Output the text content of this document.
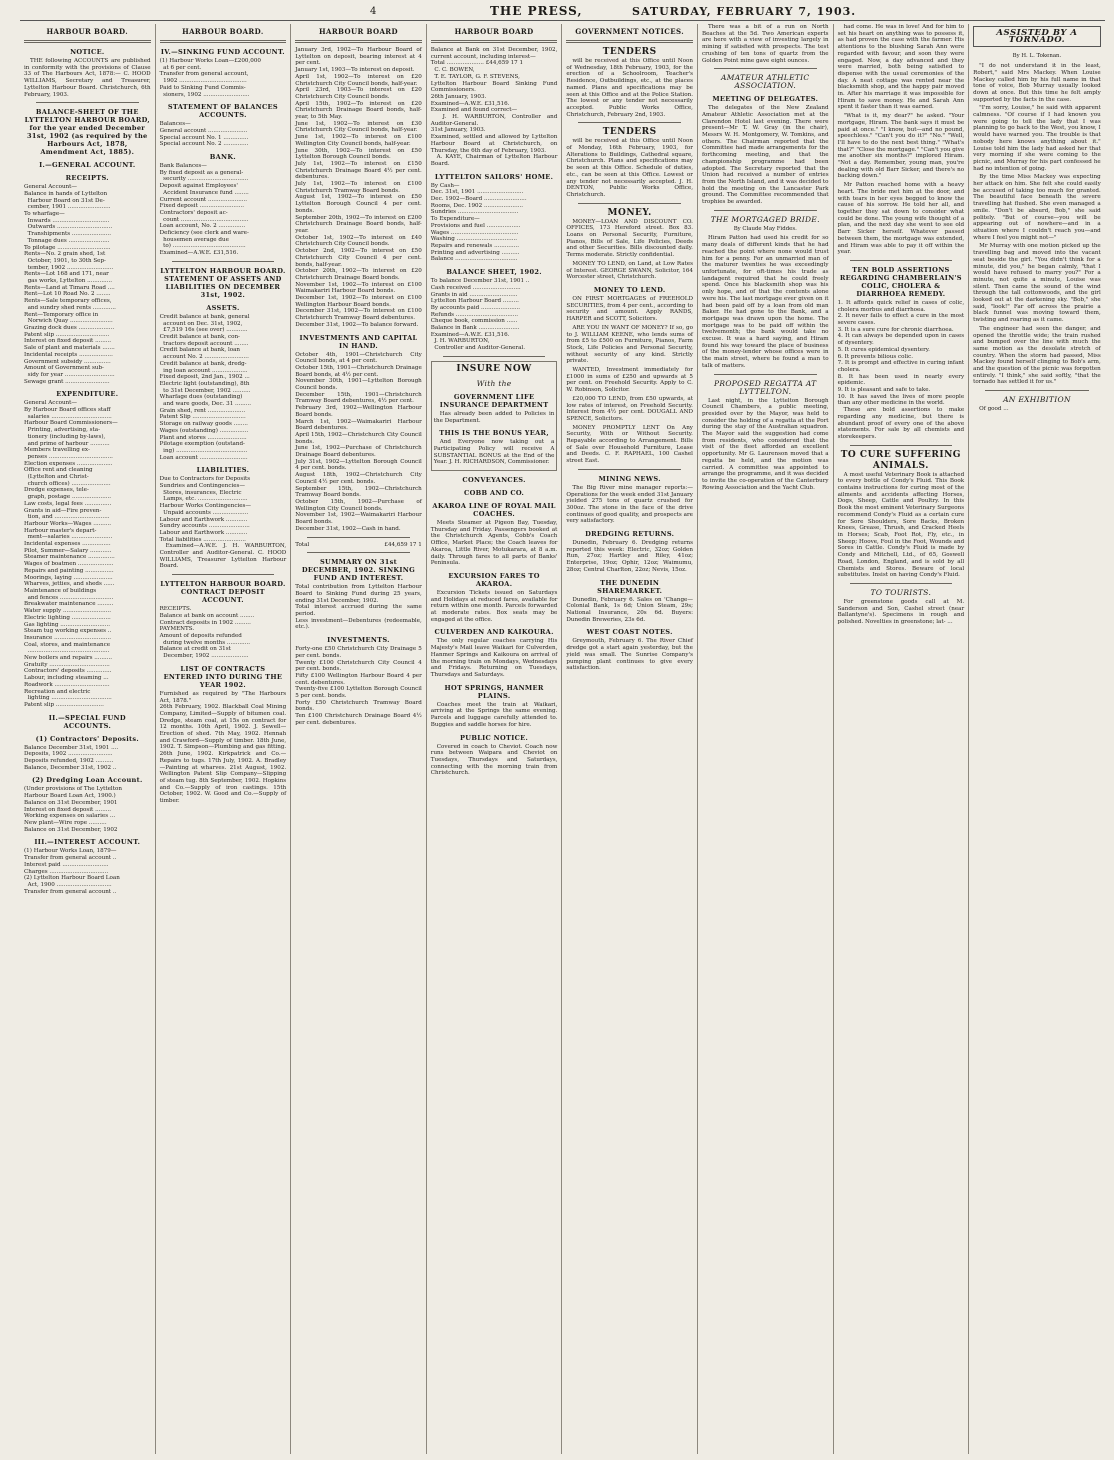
4	THE PRESS,	SATURDAY, FEBRUARY 7, 1903.
HARBOUR BOARD.
NOTICE.

THE following ACCOUNTS are published in conformity with the provisions of Clause 33 of The Harbours Act, 1878:— C. HOOD WILLIAMS, Secretary and Treasurer, Lyttelton Harbour Board. Christchurch, 6th February, 1903.

BALANCE-SHEET OF THE LYTTELTON HARBOUR BOARD, for the year ended December 31st, 1902 (as required by the Harbours Act, 1878, Amendment Act, 1885).
I.—GENERAL ACCOUNT.
RECEIPTS.
General Account—
Balance in hands of Lyttelton
Harbour Board on 31st De-
cember, 1901 ........................
To wharfage—
Inwards ................................
Outwards ...............................
Transhipments ......................
Tonnage dues .......................
To pilotage ..............................
Rents—No. 2 grain shed, 1st
October, 1901, to 30th Sep-
tember, 1902 ..........................
Rents—Lot 168 and 171, near
gas works, Lyttelton ..............
Rents—Land at Timaru Road ....
Rent—Lot 10 Road No. 2 ........
Rents—Sale temporary offices,
and sundry shed rents .............
Rent—Temporary office in
Norwich Quay ........................
Grazing dock dues ....................
Patent slip ..............................
Interest on fixed deposit .........
Sale of plant and materials .......
Incidental receipts ...................
Government subsidy ...............
Amount of Government sub-
sidy for year ............................
Sewage grant .........................
EXPENDITURE.
General Account—
By Harbour Board offices staff
salaries ..................................
Harbour Board Commissioners—
Printing, advertising, sta-
tionery (including by-laws),
and prime of harbour ...........
Members travelling ex-
penses ....................................
Election expenses ....................
Office rent and cleaning
(Lyttelton and Christ-
church offices) ......................
Dredge expenses, tele-
graph, postage ......................
Law costs, legal fees ...............
Grants in aid—Fire preven-
tion, and ...............................
Harbour Works—Wages ..........
Harbour master's depart-
ment—salaries .......................
Incidental expenses ................
Pilot, Summer—Salary ............
Steamer maintenance ...............
Wages of boatmen ....................
Repairs and painting ................
Moorings, laying ......................
Wharves, jetties, and sheds ......
Maintenance of buildings
and fences ..............................
Breakwater maintenance .........
Water supply ...........................
Electric lighting ......................
Gas lighting ............................
Steam tug working expenses ..
Insurance ................................
Coal, stores, and maintenance
..............................................
New boilers and repairs ..........
Gratuity ..................................
Contractors' deposits ..............
Labour, including steaming ...
Roadwork ...............................
Recreation and electric
lighting ..................................
Patent slip ...........................
II.—SPECIAL FUND ACCOUNTS.
(1) Contractors' Deposits.
Balance December 31st, 1901 ....
Deposits, 1902 .........................
Deposits refunded, 1902 ..........
Balance, December 31st, 1902 ..
(2) Dredging Loan Account.
(Under provisions of The Lyttelton
Harbour Board Loan Act, 1900.)
Balance on 31st December, 1901
Interest on fixed deposit .........
Working expenses on salaries ...
New plant—Wire rope ..........
Balance on 31st December, 1902
III.—INTEREST ACCOUNT.
(1) Harbour Works Loan, 1879—
Transfer from general account ..
Interest paid ..........................
Charges .................................
(2) Lyttelton Harbour Board Loan
Act, 1900 ...............................
Transfer from general account ..
HARBOUR BOARD.
IV.—SINKING FUND ACCOUNT.
(1) Harbour Works Loan—£200,000
at 6 per cent.
Transfer from general account,
1902 ......................................
Paid to Sinking Fund Commis-
sioners, 1902 ..........................
STATEMENT OF BALANCES ACCOUNTS.
Balances—
General account ......................
Special account No. 1 ..............
Special account No. 2 ..............
BANK.
Bank Balances—
By fixed deposit as a general-
security ..................................
Deposit against Employees'
Accident Insurance fund ........
Current account ......................
Fixed deposit .........................
Contractors' deposit ac-
count ......................................
Loan account, No. 2 ...............
Deficiency (see clerk and ware-
housemen average due
to) .........................................
Examined—A.W.E. £31,516.
LYTTELTON HARBOUR BOARD. STATEMENT OF ASSETS AND LIABILITIES ON DECEMBER 31st, 1902.
ASSETS.
Credit balance at bank, general
account on Dec. 31st, 1902,
£7,519 16s (see over) ............
Credit balance at bank, con-
tractors deposit account ........
Credit balance at bank, loan
account No. 2 .........................
Credit balance at bank, dredg-
ing loan account ....................
Fixed deposit, 2nd Jan., 1902 ...
Electric light (outstanding), 8th
to 31st December, 1902 ..........
Wharfage dues (outstanding)
and ware goods, Dec. 31 .........
Grain shed, rent .....................
Patent Slip ..............................
Storage on railway goods ........
Wages (outstanding) ................
Plant and stores ......................
Pilotage exemption (outstand-
ing) ........................................
Loan account ...........................
LIABILITIES.
Due to Contractors for Deposits
Sundries and Contingencies—
Stores, insurances, Electric
Lamps, etc. ............................
Harbour Works Contingencies—
Unpaid accounts ....................
Labour and Earthwork ............
Sundry accounts .......................
Labour and Earthwork ............
Total liabilities ........................

Examined—A.W.E. J. H. WARBURTON, Controller and Auditor-General. C. HOOD WILLIAMS, Treasurer Lyttelton Harbour Board.

LYTTELTON HARBOUR BOARD. CONTRACT DEPOSIT ACCOUNT.
RECEIPTS.
Balance at bank on account ........
Contract deposits in 1902 .........
PAYMENTS.
Amount of deposits refunded
during twelve months .............
Balance at credit on 31st
December, 1902 .....................
LIST OF CONTRACTS ENTERED INTO DURING THE YEAR 1902.
Furnished as required by "The Harbours Act, 1878."
26th February, 1902. Blackball Coal Mining Company, Limited—Supply of bitumen coal. Dredge, steam coal, at 15s on contract for 12 months. 10th April, 1902. J. Sewell—Erection of shed. 7th May, 1902. Hennah and Crawford—Supply of timber. 18th June, 1902. T. Simpson—Plumbing and gas fitting. 26th June, 1902. Kirkpatrick and Co.—Repairs to tugs. 17th July, 1902. A. Bradley—Painting at wharves. 21st August, 1902. Wellington Patent Slip Company—Slipping of steam tug. 8th September, 1902. Hopkins and Co.—Supply of iron castings. 15th October, 1902. W. Good and Co.—Supply of timber.
HARBOUR BOARD
January 3rd, 1902—To Harbour Board of Lyttelton on deposit, bearing interest at 4 per cent.
January 1st, 1903—To interest on deposit.
April 1st, 1902—To interest on £20 Christchurch City Council bonds, half-year.
April 23rd, 1903—To interest on £20 Christchurch City Council bonds.
April 15th, 1902—To interest on £20 Christchurch Drainage Board bonds, half-year, to 5th May.
June 1st, 1902—To interest on £30 Christchurch City Council bonds, half-year.
June 1st, 1902—To interest on £100 Wellington City Council bonds, half-year.
June 30th, 1902—To interest on £50 Lyttelton Borough Council bonds.
July 1st, 1902—To interest on £150 Christchurch Drainage Board 4½ per cent. debentures.
July 1st, 1902—To interest on £100 Christchurch Tramway Board bonds.
August 1st, 1902—To interest on £50 Lyttelton Borough Council 4 per cent. bonds.
September 20th, 1902—To interest on £200 Christchurch Drainage Board bonds, half-year.
October 1st, 1902—To interest on £40 Christchurch City Council bonds.
October 2nd, 1902—To interest on £50 Christchurch City Council 4 per cent. bonds, half-year.
October 20th, 1902—To interest on £20 Christchurch Drainage Board bonds.
November 1st, 1902—To interest on £100 Waimakariri Harbour Board bonds.
December 1st, 1902—To interest on £100 Wellington Harbour Board bonds.
December 31st, 1902—To interest on £100 Christchurch Tramway Board debentures.
December 31st, 1902—To balance forward.
INVESTMENTS AND CAPITAL IN HAND.
October 4th, 1901—Christchurch City Council bonds, at 4 per cent.
October 15th, 1901—Christchurch Drainage Board bonds, at 4½ per cent.
November 30th, 1901—Lyttelton Borough Council bonds.
December 15th, 1901—Christchurch Tramway Board debentures, 4½ per cent.
February 3rd, 1902—Wellington Harbour Board bonds.
March 1st, 1902—Waimakariri Harbour Board debentures.
April 15th, 1902—Christchurch City Council bonds.
June 1st, 1902—Purchase of Christchurch Drainage Board debentures.
July 31st, 1902—Lyttelton Borough Council 4 per cent. bonds.
August 18th, 1902—Christchurch City Council 4½ per cent. bonds.
September 15th, 1902—Christchurch Tramway Board bonds.
October 15th, 1902—Purchase of Wellington City Council bonds.
November 1st, 1902—Waimakariri Harbour Board bonds.
December 31st, 1902—Cash in hand.
Total	£44,659 17 1
SUMMARY ON 31st DECEMBER, 1902. SINKING FUND AND INTEREST.
Total contribution from Lyttelton Harbour Board to Sinking Fund during 25 years, ending 31st December, 1902.
Total interest accrued during the same period.
Less investment—Debentures (redeemable, etc.).
INVESTMENTS.
Forty-one £50 Christchurch City Drainage 5 per cent. bonds.
Twenty £100 Christchurch City Council 4 per cent. bonds.
Fifty £100 Wellington Harbour Board 4 per cent. debentures.
Twenty-five £100 Lyttelton Borough Council 5 per cent. bonds.
Forty £50 Christchurch Tramway Board bonds.
Ten £100 Christchurch Drainage Board 4½ per cent. debentures.
HARBOUR BOARD
Balance at Bank on 31st December, 1902, current account, including interest—
Total ..................... £44,659 17 1
C. C. BOWEN,
T. E. TAYLOR, G. F. STEVENS,
Lyttelton Harbour Board Sinking Fund Commissioners.
26th January, 1903.
Examined—A.W.E. £31,516.
Examined and found correct—
J. H. WARBURTON, Controller and Auditor-General.
31st January, 1903.
Examined, settled and allowed by Lyttelton Harbour Board at Christchurch, on Thursday, the 6th day of February, 1903.
A. KAYE, Chairman of Lyttelton Harbour Board.
LYTTELTON SAILORS' HOME.
By Cash—
Dec. 31st, 1901 ..........................
Dec. 1902—Board ........................
Rooms, Dec. 1902 ......................
Sundries ..................................
To Expenditure—
Provisions and fuel ...................
Wages ......................................
Washing ..................................
Repairs and renewals ..............
Printing and advertising ..........
Balance ...................................
BALANCE SHEET, 1902.
To balance December 31st, 1901 ..
Cash received ...........................
Grants in aid ...........................
Lyttelton Harbour Board .........
By accounts paid ......................
Refunds ...................................
Cheque book, commission ......
Balance in Bank .......................
Examined—A.W.E. £31,516.
J. H. WARBURTON,
Controller and Auditor-General.
INSURE NOW
With the
GOVERNMENT LIFE INSURANCE DEPARTMENT

Has already been added to Policies in the Department.

THIS IS THE BONUS YEAR,

And Everyone now taking out a Participating Policy will receive A SUBSTANTIAL BONUS at the End of the Year. J. H. RICHARDSON, Commissioner.

CONVEYANCES.
COBB AND CO.
AKAROA LINE OF ROYAL MAIL COACHES.

Meets Steamer at Pigeon Bay, Tuesday, Thursday and Friday. Passengers booked at the Christchurch Agents, Cobb's Coach Office, Market Place; the Coach leaves for Akaroa, Little River, Motukarara, at 8 a.m. daily. Through fares to all parts of Banks' Peninsula.

EXCURSION FARES TO AKAROA.

Excursion Tickets issued on Saturdays and Holidays at reduced fares, available for return within one month. Parcels forwarded at moderate rates. Box seats may be engaged at the office.

CULVERDEN AND KAIKOURA.

The only regular coaches carrying His Majesty's Mail leave Waikari for Culverden, Hanmer Springs and Kaikoura on arrival of the morning train on Mondays, Wednesdays and Fridays. Returning on Tuesdays, Thursdays and Saturdays.

HOT SPRINGS, HANMER PLAINS.

Coaches meet the train at Waikari, arriving at the Springs the same evening. Parcels and luggage carefully attended to. Buggies and saddle horses for hire.

PUBLIC NOTICE.

Covered in coach to Cheviot. Coach now runs between Waipara and Cheviot on Tuesdays, Thursdays and Saturdays, connecting with the morning train from Christchurch.

GOVERNMENT NOTICES.
TENDERS

will be received at this Office until Noon of Wednesday, 18th February, 1903, for the erection of a Schoolroom, Teacher's Residence, Outbuildings, etc., at the places named. Plans and specifications may be seen at this Office and at the Police Station. The lowest or any tender not necessarily accepted. Public Works Office, Christchurch, February 2nd, 1903.

TENDERS

will be received at this Office until Noon of Monday, 16th February, 1903, for Alterations to Buildings, Cathedral square, Christchurch. Plans and specifications may be seen at this Office. Schedule of duties, etc., can be seen at this Office. Lowest or any tender not necessarily accepted. J. H. DENTON, Public Works Office, Christchurch.

MONEY.

MONEY—LOAN AND DISCOUNT CO. OFFICES, 173 Hereford street. Box 83. Loans on Personal Security, Furniture, Pianos, Bills of Sale, Life Policies, Deeds and other Securities. Bills discounted daily. Terms moderate. Strictly confidential.

MONEY TO LEND, on Land, at Low Rates of Interest. GEORGE SWANN, Solicitor, 164 Worcester street, Christchurch.

MONEY TO LEND.

ON FIRST MORTGAGES of FREEHOLD SECURITIES, from 4 per cent., according to security and amount. Apply RANDS, HARPER and SCOTT, Solicitors.

ARE YOU IN WANT OF MONEY? If so, go to J. WILLIAM KEENE, who lends sums of from £5 to £500 on Furniture, Pianos, Farm Stock, Life Policies and Personal Security, without security of any kind. Strictly private.

WANTED, Investment immediately for £1000 in sums of £250 and upwards at 5 per cent. on Freehold Security. Apply to C. W. Robinson, Solicitor.

£20,000 TO LEND, from £50 upwards, at low rates of interest, on Freehold Security. Interest from 4½ per cent. DOUGALL AND SPENCE, Solicitors.

MONEY PROMPTLY LENT On Any Security, With or Without Security. Repayable according to Arrangement. Bills of Sale over Household Furniture, Lease and Deeds. C. F. RAPHAEL, 100 Cashel street East.

MINING NEWS.

The Big River mine manager reports:—Operations for the week ended 31st January yielded 275 tons of quartz crushed for 300oz. The stone in the face of the drive continues of good quality, and prospects are very satisfactory.

DREDGING RETURNS.

Dunedin, February 6. Dredging returns reported this week: Electric, 32oz; Golden Run, 27oz; Hartley and Riley, 41oz; Enterprise, 19oz; Ophir, 12oz; Waimumu, 28oz; Central Charlton, 22oz; Nevis, 15oz.

THE DUNEDIN SHAREMARKET.

Dunedin, February 6. Sales on 'Change—Colonial Bank, 1s 6d; Union Steam, 29s; National Insurance, 20s 6d. Buyers: Dunedin Breweries, 23s 6d.

WEST COAST NOTES.

Greymouth, February 6. The River Chief dredge got a start again yesterday, but the yield was small. The Sunrise Company's pumping plant continues to give every satisfaction.

There was a bit of a run on North Beaches at the 5d. Two American experts are here with a view of investing largely in mining if satisfied with prospects. The test crushing of ten tons of quartz from the Golden Point mine gave eight ounces.

AMATEUR ATHLETIC ASSOCIATION.
MEETING OF DELEGATES.

The delegates of the New Zealand Amateur Athletic Association met at the Clarendon Hotel last evening. There were present—Mr T. W. Gray (in the chair), Messrs W. H. Montgomery, W. Tomkins, and others. The Chairman reported that the Committee had made arrangements for the forthcoming meeting, and that the championship programme had been adopted. The Secretary reported that the Union had received a number of entries from the North Island, and it was decided to hold the meeting on the Lancaster Park ground. The Committee recommended that trophies be awarded.

THE MORTGAGED BRIDE.
By Claude May Fiddes.

Hiram Patton had used his credit for so many deals of different kinds that he had reached the point where none would trust him for a penny. For an unmarried man of the maturer twenties he was exceedingly unfortunate, for oft-times his trade as landagent required that he could freely spend. Once his blacksmith shop was his only hope, and of that the contents alone were his. The last mortgage ever given on it had been paid off by a loan from old man Baker. He had gone to the Bank, and a mortgage was drawn upon the home. The mortgage was to be paid off within the twelvemonth; the bank would take no excuse. It was a hard saying, and Hiram found his way toward the place of business of the money-lender whose offices were in the main street, where he found a man to talk of matters.

PROPOSED REGATTA AT LYTTELTON.

Last night, in the Lyttelton Borough Council Chambers, a public meeting, presided over by the Mayor, was held to consider the holding of a regatta at the Port during the stay of the Australian squadron. The Mayor said the suggestion had come from residents, who considered that the visit of the fleet afforded an excellent opportunity. Mr G. Laurenson moved that a regatta be held, and the motion was carried. A committee was appointed to arrange the programme, and it was decided to invite the co-operation of the Canterbury Rowing Association and the Yacht Club.

had come. He was in love! And for him to set his heart on anything was to possess it, as had proven the case with the farmer. His attentions to the blushing Sarah Ann were regarded with favour, and soon they were engaged. Now, a day advanced and they were married, both being satisfied to dispense with the usual ceremonies of the day. A neat cottage was rented near the blacksmith shop, and the happy pair moved in. After his marriage it was impossible for Hiram to save money. He and Sarah Ann spent it faster than it was earned.

"What is it, my dear?" he asked. "Your mortgage, Hiram. The bank says it must be paid at once." "I know, but—and no pound, speechless." "Can't you do it?" "No." "Well, I'll have to do the next best thing." "What's that?" "Close the mortgage." "Can't you give me another six months?" implored Hiram. "Not a day. Remember, young man, you're dealing with old Barr Sicker, and there's no backing down."

Mr Patton reached home with a heavy heart. The bride met him at the door, and with tears in her eyes begged to know the cause of his sorrow. He told her all, and together they sat down to consider what could be done. The young wife thought of a plan, and the next day she went to see old Barr Sicker herself. Whatever passed between them, the mortgage was extended, and Hiram was able to pay it off within the year.

TEN BOLD ASSERTIONS REGARDING CHAMBERLAIN'S COLIC, CHOLERA & DIARRHOEA REMEDY.
1. It affords quick relief in cases of colic, cholera morbus and diarrhoea.
2. It never fails to effect a cure in the most severe cases.
3. It is a sure cure for chronic diarrhoea.
4. It can always be depended upon in cases of dysentery.
5. It cures epidemical dysentery.
6. It prevents bilious colic.
7. It is prompt and effective in curing infant cholera.
8. It has been used in nearly every epidemic.
9. It is pleasant and safe to take.
10. It has saved the lives of more people than any other medicine in the world.

These are bold assertions to make regarding any medicine, but there is abundant proof of every one of the above statements. For sale by all chemists and storekeepers.

TO CURE SUFFERING ANIMALS.

A most useful Veterinary Book is attached to every bottle of Condy's Fluid. This Book contains instructions for curing most of the ailments and accidents affecting Horses, Dogs, Sheep, Cattle and Poultry. In this Book the most eminent Veterinary Surgeons recommend Condy's Fluid as a certain cure for Sore Shoulders, Sore Backs, Broken Knees, Grease, Thrush, and Cracked Heels in Horses; Scab, Foot Rot, Fly, etc., in Sheep; Hoove, Foul in the Foot, Wounds and Sores in Cattle. Condy's Fluid is made by Condy and Mitchell, Ltd., of 65, Goswell Road, London, England, and is sold by all Chemists and Stores. Beware of local substitutes. Insist on having Condy's Fluid.

TO TOURISTS.

For greenstone goods call at M. Sanderson and Son, Cashel street (near Ballantyne's). Specimens in rough and polished. Novelties in greenstone; lat- ...

ASSISTED BY A TORNADO.
By H. L. Tokenan.

"I do not understand it in the least, Robert," said Mrs Mackey. When Louise Mackey called him by his full name in that tone of voice, Bob Murray usually looked down at once. But this time he felt amply supported by the facts in the case.

"I'm sorry, Louise," he said with apparent calmness. "Of course if I had known you were going to tell the lady that I was planning to go back to the West, you know, I would have warned you. The trouble is that nobody here knows anything about it." Louise told him the lady had asked her that very morning if she were coming to the picnic, and Murray for his part confessed he had no intention of going.

By the time Miss Mackey was expecting her attack on him. She felt she could easily be accused of taking too much for granted. The beautiful face beneath the severe travelling hat flushed. She even managed a smile. "Don't be absurd, Bob," she said politely. "But of course—you will be appearing out of nowhere—and in a situation where I couldn't reach you—and where I feel you might not—"

Mr Murray with one motion picked up the travelling bag and moved into the vacant seat beside the girl. "You didn't think for a minute, did you," he began calmly, "that I would have refused to marry you?" For a minute, not quite a minute, Louise was silent. Then came the sound of the wind through the tall cottonwoods, and the girl looked out at the darkening sky. "Bob," she said, "look!" Far off across the prairie a black funnel was moving toward them, twisting and roaring as it came.

The engineer had seen the danger, and opened the throttle wide; the train rushed and bumped over the line with much the same motion as the desolate stretch of country. When the storm had passed, Miss Mackey found herself clinging to Bob's arm, and the question of the picnic was forgotten entirely. "I think," she said softly, "that the tornado has settled it for us."

AN EXHIBITION

Of good ...
